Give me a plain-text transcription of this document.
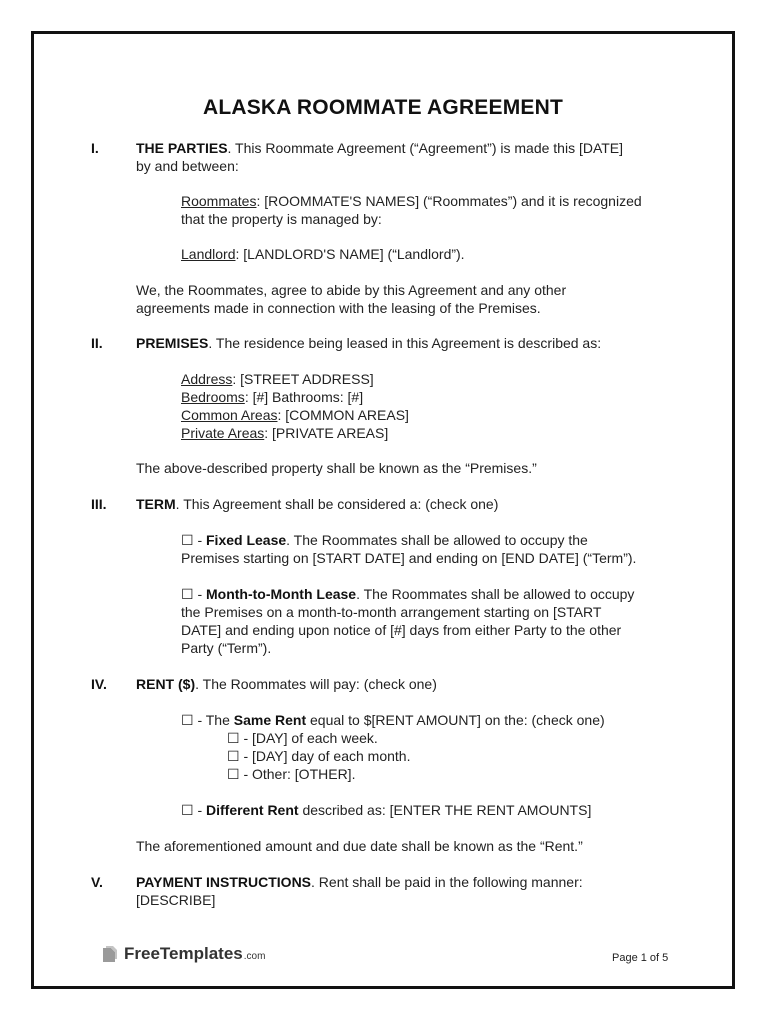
ALASKA ROOMMATE AGREEMENT
I.	THE PARTIES. This Roommate Agreement (“Agreement”) is made this [DATE]
by and between:
Roommates: [ROOMMATE'S NAMES] (“Roommates”) and it is recognized
that the property is managed by:
Landlord: [LANDLORD'S NAME] (“Landlord”).
We, the Roommates, agree to abide by this Agreement and any other
agreements made in connection with the leasing of the Premises.
II. PREMISES. The residence being leased in this Agreement is described as:
Address: [STREET ADDRESS]
Bedrooms: [#] Bathrooms: [#]
Common Areas: [COMMON AREAS]
Private Areas: [PRIVATE AREAS]
The above-described property shall be known as the “Premises.”
III. TERM. This Agreement shall be considered a: (check one)
☐ - Fixed Lease. The Roommates shall be allowed to occupy the
Premises starting on [START DATE] and ending on [END DATE] (“Term”).
☐ - Month-to-Month Lease. The Roommates shall be allowed to occupy
the Premises on a month-to-month arrangement starting on [START
DATE] and ending upon notice of [#] days from either Party to the other
Party (“Term”).
IV. RENT ($). The Roommates will pay: (check one)
☐ - The Same Rent equal to $[RENT AMOUNT] on the: (check one)
☐ - [DAY] of each week.
☐ - [DAY] day of each month.
☐ - Other: [OTHER].
☐ - Different Rent described as: [ENTER THE RENT AMOUNTS]
The aforementioned amount and due date shall be known as the “Rent.”
V. PAYMENT INSTRUCTIONS. Rent shall be paid in the following manner:
[DESCRIBE]
FreeTemplates .com	Page 1 of 5
